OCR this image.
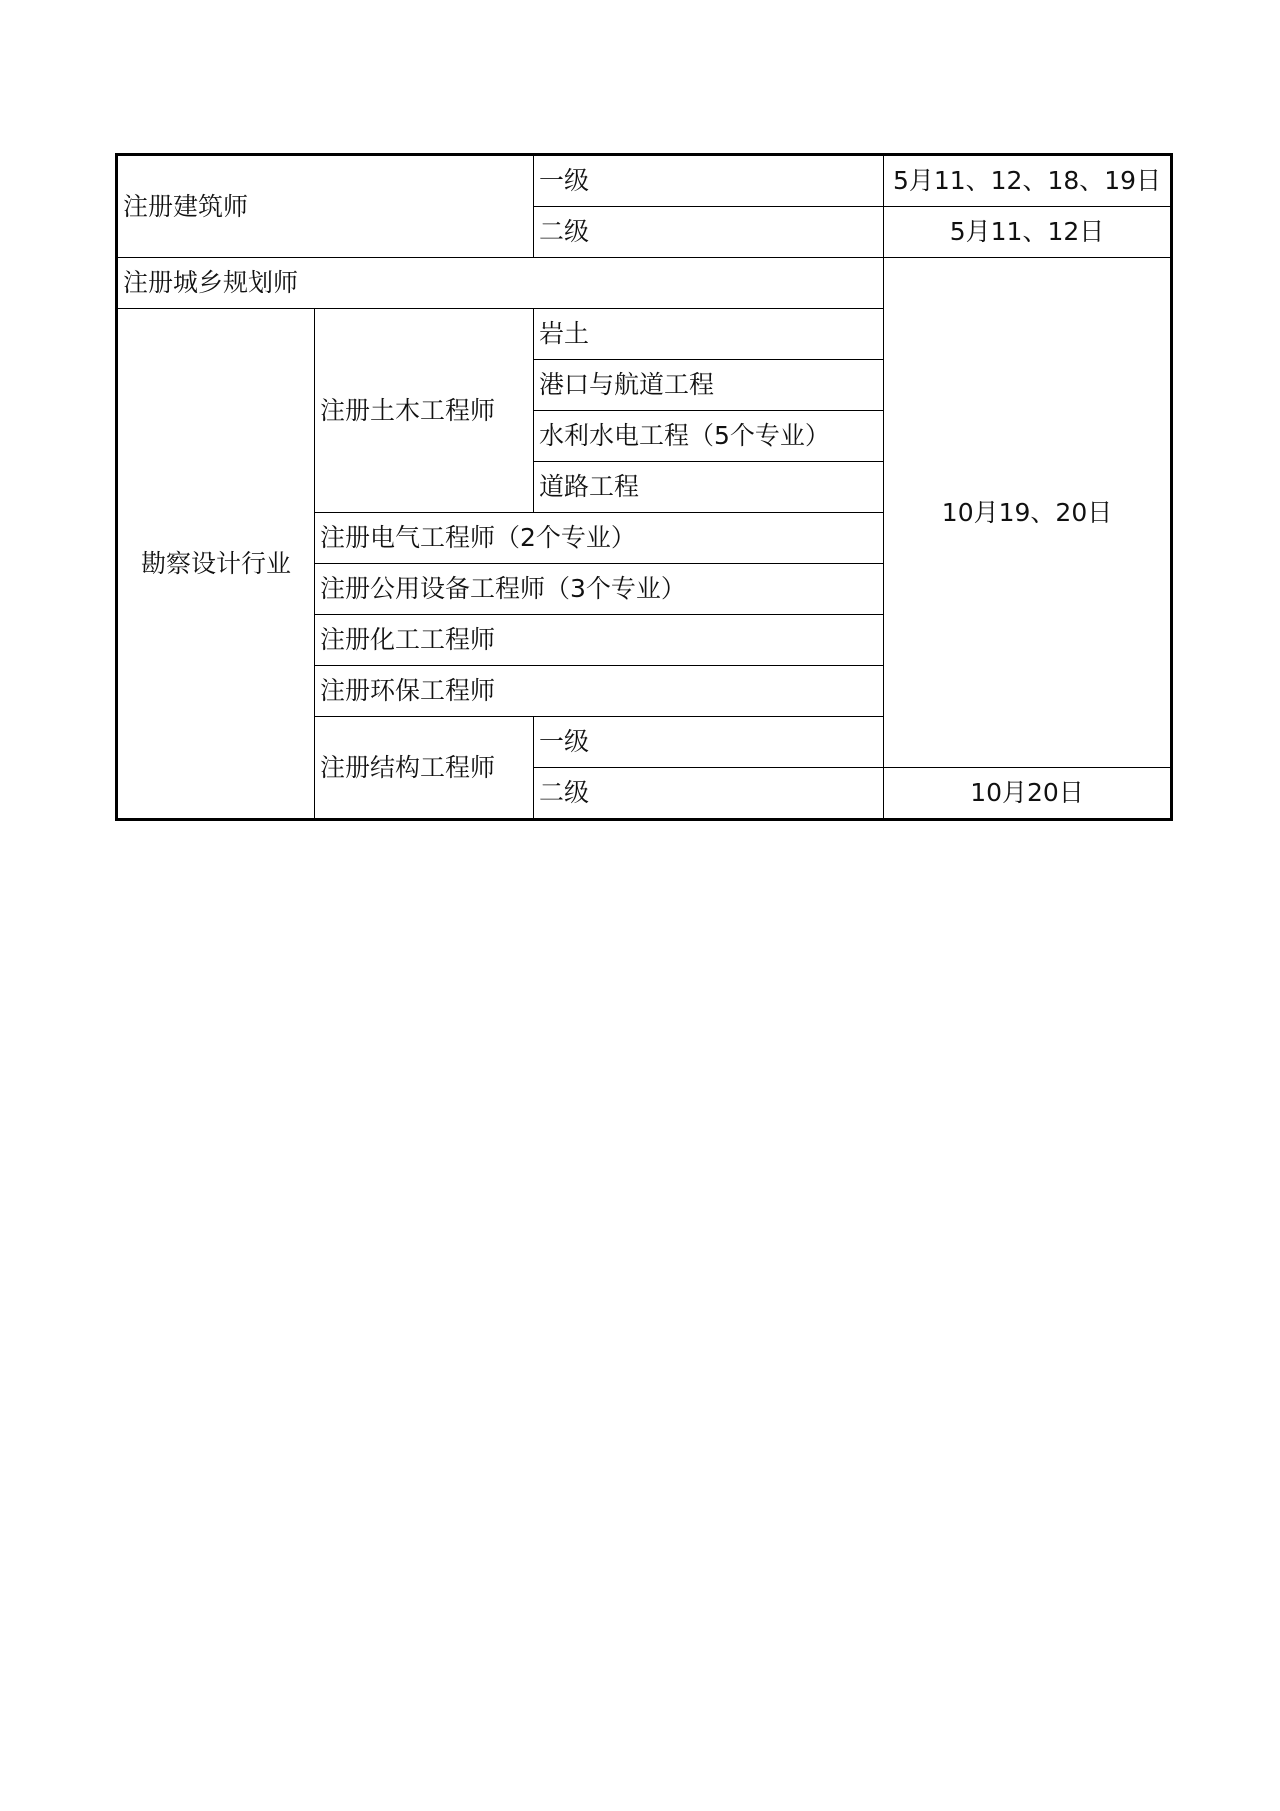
注册建筑师		一级	5月11、12、18、19日
		二级	5月11、12日
注册城乡规划师			10月19、20日
勘察设计行业	注册土木工程师	岩土	
		港口与航道工程	
		水利水电工程（5个专业）	
		道路工程	
	注册电气工程师（2个专业）		
	注册公用设备工程师（3个专业）		
	注册化工工程师		
	注册环保工程师		
	注册结构工程师	一级	
		二级	10月20日
